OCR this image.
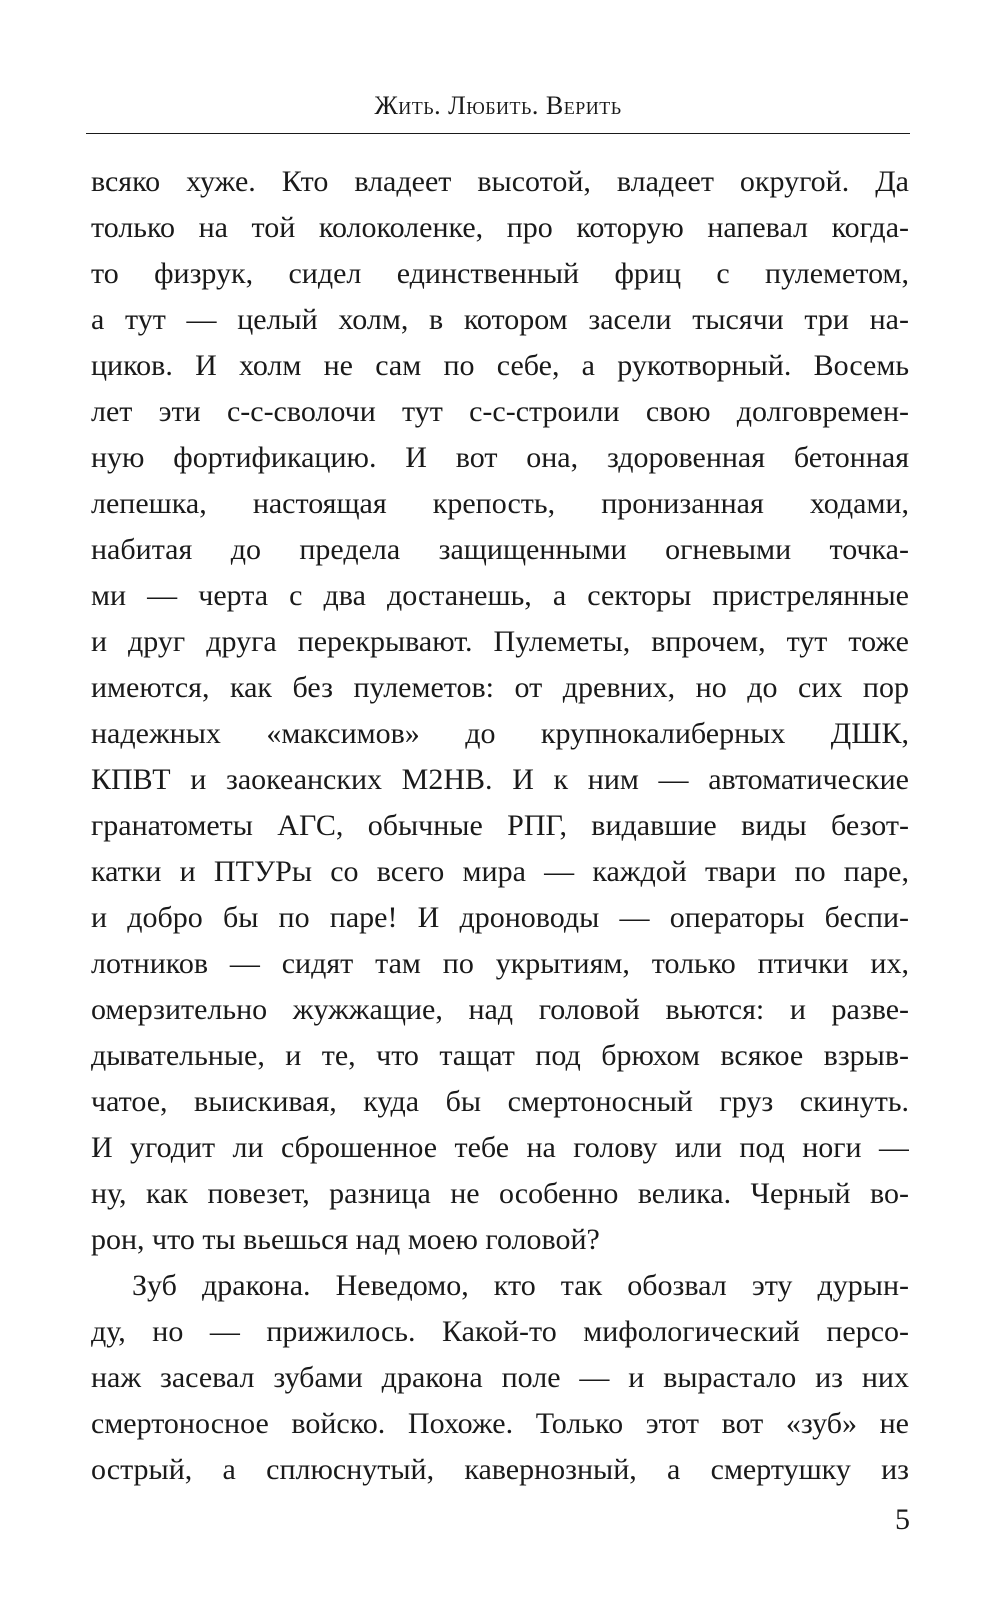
Жить. Любить. Верить
всяко хуже. Кто владеет высотой, владеет округой. Да
только на той колоколенке, про которую напевал когда-
то физрук, сидел единственный фриц с пулеметом,
а тут — целый холм, в котором засели тысячи три на-
циков. И холм не сам по себе, а рукотворный. Восемь
лет эти с-с-сволочи тут с-с-строили свою долговремен-
ную фортификацию. И вот она, здоровенная бетонная
лепешка, настоящая крепость, пронизанная ходами,
набитая до предела защищенными огневыми точка-
ми — черта с два достанешь, а секторы пристрелянные
и друг друга перекрывают. Пулеметы, впрочем, тут тоже
имеются, как без пулеметов: от древних, но до сих пор
надежных «максимов» до крупнокалиберных ДШК,
КПВТ и заокеанских М2НВ. И к ним — автоматические
гранатометы АГС, обычные РПГ, видавшие виды безот-
катки и ПТУРы со всего мира — каждой твари по паре,
и добро бы по паре! И дроноводы — операторы беспи-
лотников — сидят там по укрытиям, только птички их,
омерзительно жужжащие, над головой вьются: и разве-
дывательные, и те, что тащат под брюхом всякое взрыв-
чатое, выискивая, куда бы смертоносный груз скинуть.
И угодит ли сброшенное тебе на голову или под ноги —
ну, как повезет, разница не особенно велика. Черный во-
рон, что ты вьешься над моею головой?
Зуб дракона. Неведомо, кто так обозвал эту дурын-
ду, но — прижилось. Какой-то мифологический персо-
наж засевал зубами дракона поле — и вырастало из них
смертоносное войско. Похоже. Только этот вот «зуб» не
острый, а сплюснутый, кавернозный, а смертушку из
5
